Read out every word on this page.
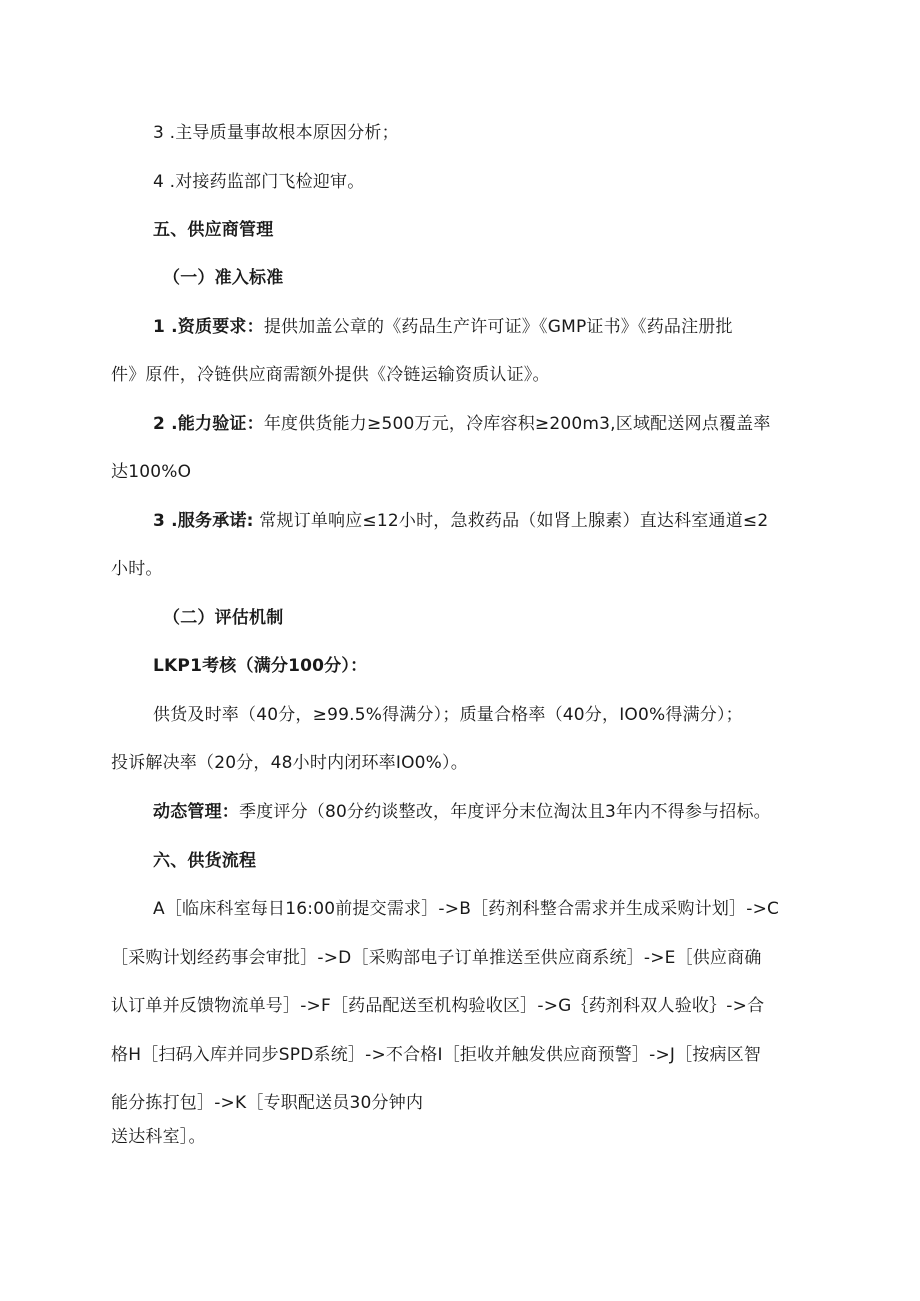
3 .主导质量事故根本原因分析；
4 .对接药监部门飞检迎审。
五、供应商管理
（一）准入标准
1 .资质要求：提供加盖公章的《药品生产许可证》《GMP证书》《药品注册批
件》原件，冷链供应商需额外提供《冷链运输资质认证》。
2 .能力验证：年度供货能力≥500万元，冷库容积≥200m3,区域配送网点覆盖率
达100%O
3 .服务承诺: 常规订单响应≤12小时，急救药品（如肾上腺素）直达科室通道≤2
小时。
（二）评估机制
LKP1考核（满分100分）：
供货及时率（40分，≥99.5%得满分）；质量合格率（40分，IO0%得满分）；
投诉解决率（20分，48小时内闭环率IO0%）。
动态管理：季度评分（80分约谈整改，年度评分末位淘汰且3年内不得参与招标。
六、供货流程
A［临床科室每日16:00前提交需求］->B［药剂科整合需求并生成采购计划］->C
［采购计划经药事会审批］->D［采购部电子订单推送至供应商系统］->E［供应商确
认订单并反馈物流单号］->F［药品配送至机构验收区］->G｛药剂科双人验收｝->合
格H［扫码入库并同步SPD系统］->不合格I［拒收并触发供应商预警］->J［按病区智
能分拣打包］->K［专职配送员30分钟内
送达科室］。
